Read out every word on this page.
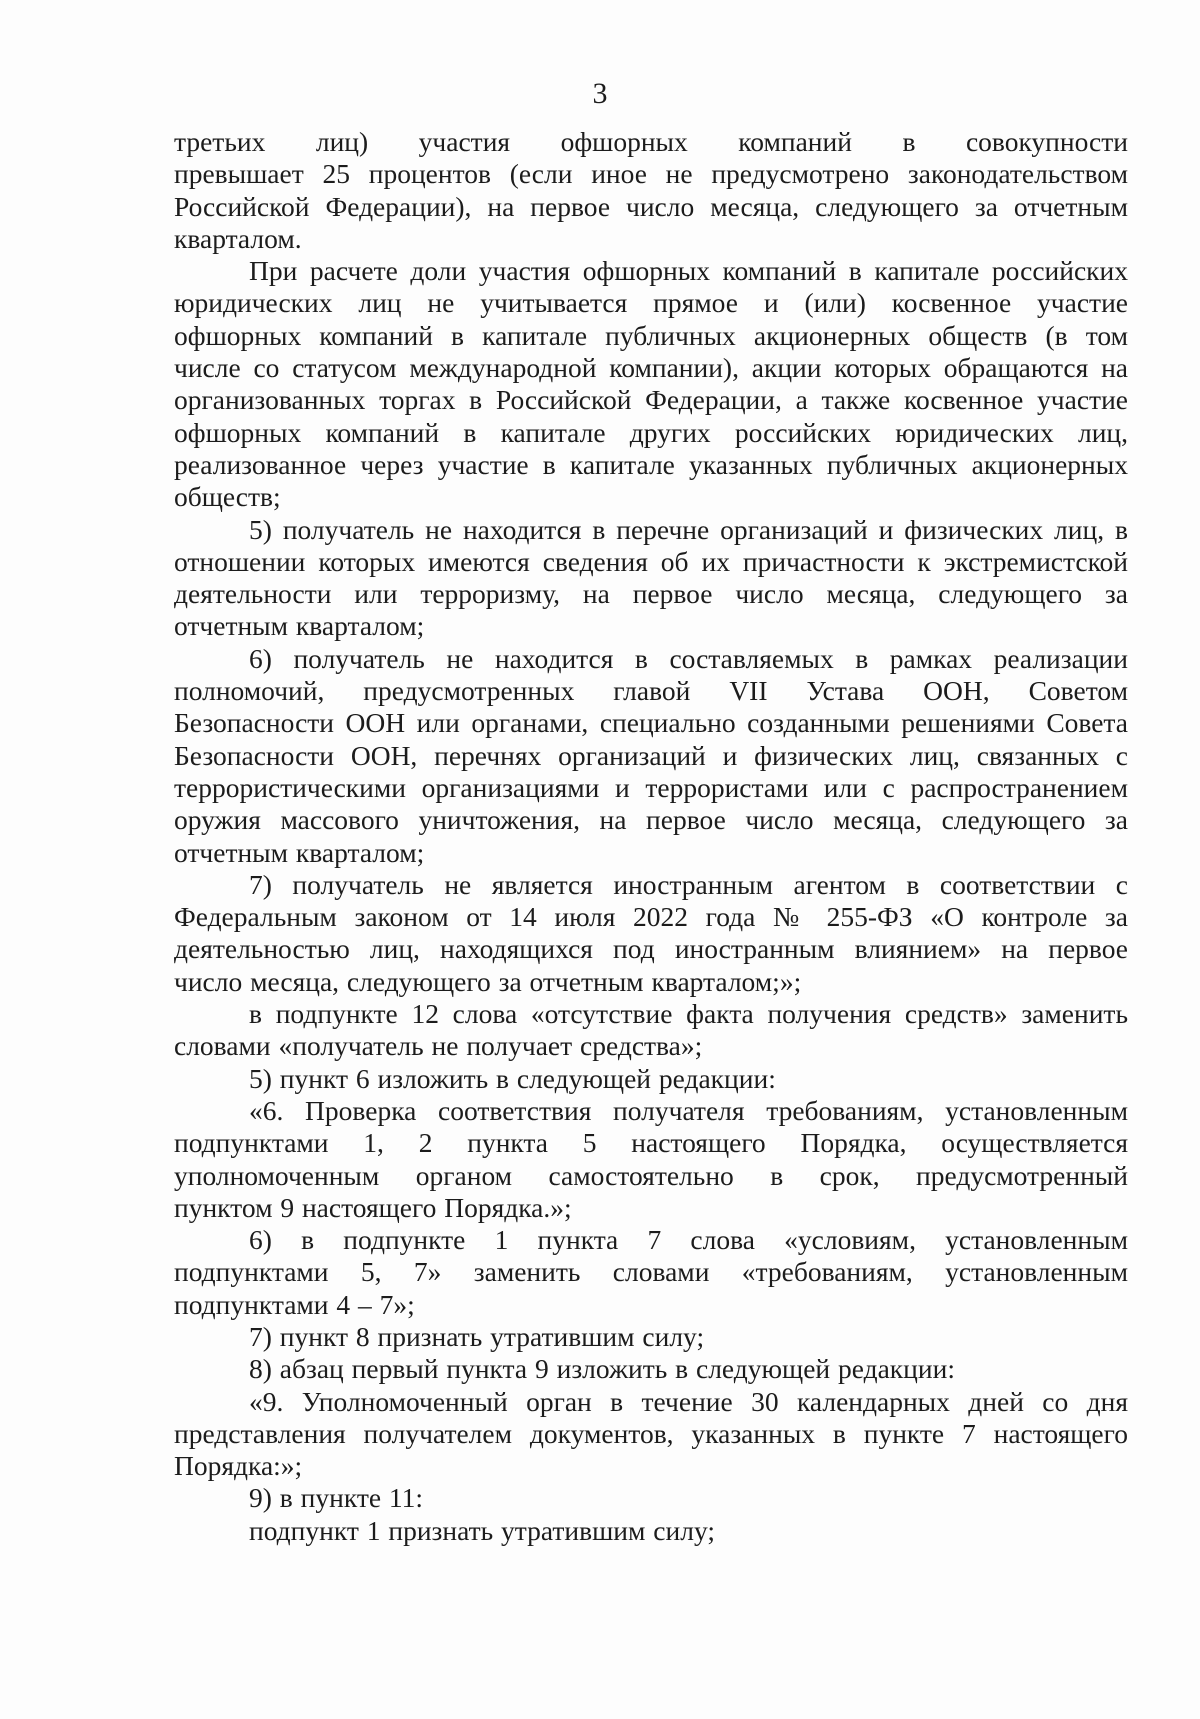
3

третьих лиц) участия офшорных компаний в совокупности
превышает 25 процентов (если иное не предусмотрено законодательством
Российской Федерации), на первое число месяца, следующего за отчетным
кварталом.

При расчете доли участия офшорных компаний в капитале российских
юридических лиц не учитывается прямое и (или) косвенное участие
офшорных компаний в капитале публичных акционерных обществ (в том
числе со статусом международной компании), акции которых обращаются на
организованных торгах в Российской Федерации, а также косвенное участие
офшорных компаний в капитале других российских юридических лиц,
реализованное через участие в капитале указанных публичных акционерных
обществ;

5) получатель не находится в перечне организаций и физических лиц, в
отношении которых имеются сведения об их причастности к экстремистской
деятельности или терроризму, на первое число месяца, следующего за
отчетным кварталом;

6) получатель не находится в составляемых в рамках реализации
полномочий, предусмотренных главой VII Устава ООН, Советом
Безопасности ООН или органами, специально созданными решениями Совета
Безопасности ООН, перечнях организаций и физических лиц, связанных с
террористическими организациями и террористами или с распространением
оружия массового уничтожения, на первое число месяца, следующего за
отчетным кварталом;

7) получатель не является иностранным агентом в соответствии с
Федеральным законом от 14 июля 2022 года № 255-ФЗ «О контроле за
деятельностью лиц, находящихся под иностранным влиянием» на первое
число месяца, следующего за отчетным кварталом;»;

в подпункте 12 слова «отсутствие факта получения средств» заменить
словами «получатель не получает средства»;

5) пункт 6 изложить в следующей редакции:

«6. Проверка соответствия получателя требованиям, установленным
подпунктами 1, 2 пункта 5 настоящего Порядка, осуществляется
уполномоченным органом самостоятельно в срок, предусмотренный
пунктом 9 настоящего Порядка.»;

6) в подпункте 1 пункта 7 слова «условиям, установленным
подпунктами 5, 7» заменить словами «требованиям, установленным
подпунктами 4 – 7»;

7) пункт 8 признать утратившим силу;

8) абзац первый пункта 9 изложить в следующей редакции:

«9. Уполномоченный орган в течение 30 календарных дней со дня
представления получателем документов, указанных в пункте 7 настоящего
Порядка:»;

9) в пункте 11:

подпункт 1 признать утратившим силу;
